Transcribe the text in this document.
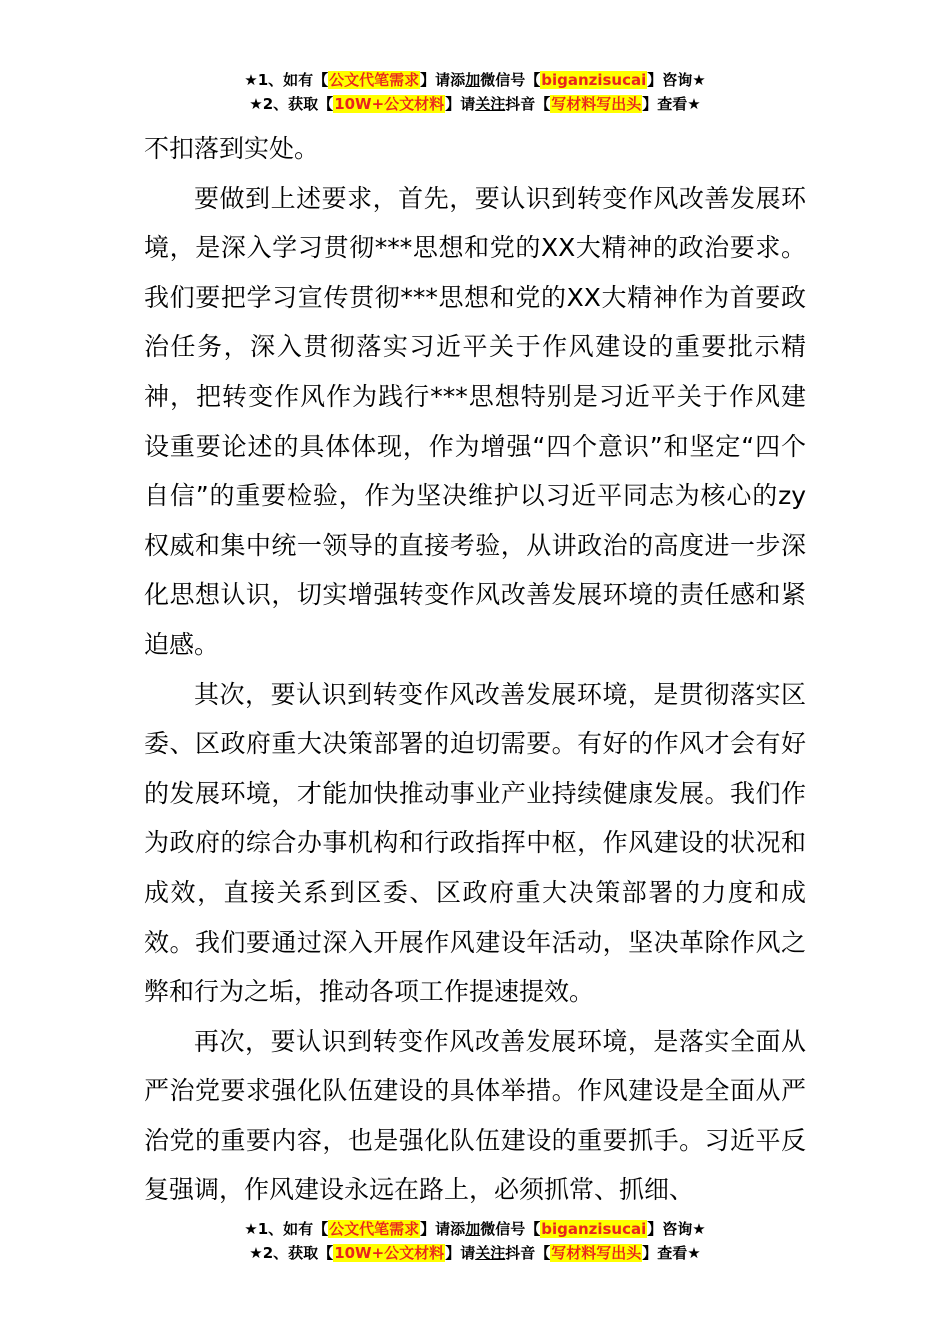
★1、如有【公文代笔需求】请添加微信号【biganzisucai】咨询★
★2、获取【10W+公文材料】请关注抖音【写材料写出头】查看★

不扣落到实处。

要做到上述要求，首先，要认识到转变作风改善发展环境，是深入学习贯彻***思想和党的XX大精神的政治要求。我们要把学习宣传贯彻***思想和党的XX大精神作为首要政治任务，深入贯彻落实习近平关于作风建设的重要批示精神，把转变作风作为践行***思想特别是习近平关于作风建设重要论述的具体体现，作为增强“四个意识”和坚定“四个自信”的重要检验，作为坚决维护以习近平同志为核心的zy权威和集中统一领导的直接考验，从讲政治的高度进一步深化思想认识，切实增强转变作风改善发展环境的责任感和紧迫感。

其次，要认识到转变作风改善发展环境，是贯彻落实区委、区政府重大决策部署的迫切需要。有好的作风才会有好的发展环境，才能加快推动事业产业持续健康发展。我们作为政府的综合办事机构和行政指挥中枢，作风建设的状况和成效，直接关系到区委、区政府重大决策部署的力度和成效。我们要通过深入开展作风建设年活动，坚决革除作风之弊和行为之垢，推动各项工作提速提效。

再次，要认识到转变作风改善发展环境，是落实全面从严治党要求强化队伍建设的具体举措。作风建设是全面从严治党的重要内容，也是强化队伍建设的重要抓手。习近平反复强调，作风建设永远在路上，必须抓常、抓细、

★1、如有【公文代笔需求】请添加微信号【biganzisucai】咨询★
★2、获取【10W+公文材料】请关注抖音【写材料写出头】查看★
